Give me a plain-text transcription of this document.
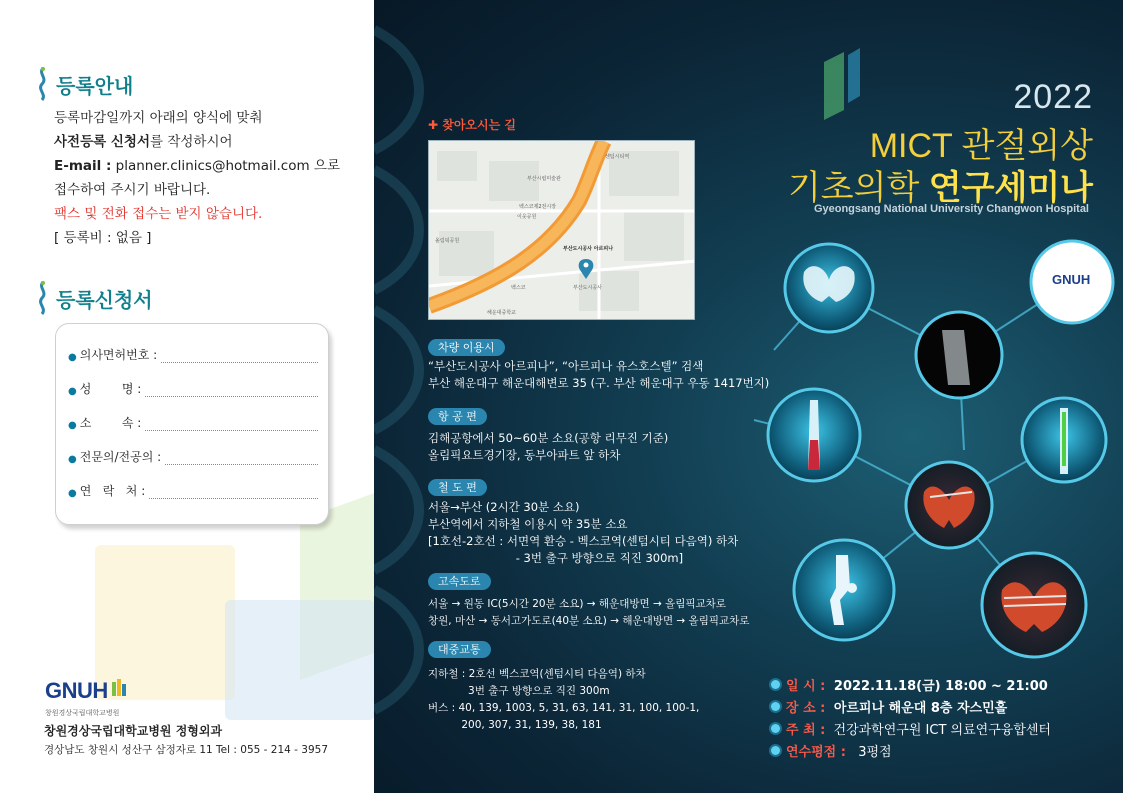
등록안내
등록마감일까지 아래의 양식에 맞춰
사전등록 신청서를 작성하시어
E-mail : planner.clinics@hotmail.com 으로
접수하여 주시기 바랍니다.
팩스 및 전화 접수는 받지 않습니다.
[ 등록비 : 없음 ]
등록신청서
● 의사면허번호 :
● 성        명 :
● 소        속 :
● 전문의/전공의 :
● 연   락   처 :
GNUH
창원경상국립대학교병원
창원경상국립대학교병원 정형외과
경상남도 창원시 성산구 삼정자로 11 Tel : 055 - 214 - 3957
✚ 찾아오시는 길
부산시립미술관
벡스코제2전시장
이웃공원
센텀시티역
부산도시공사 아르피나
해운대중학교
부산도시공사
벡스코
올림픽공원
차량 이용시
“부산도시공사 아르피나”, “아르피나 유스호스텔” 검색
부산 해운대구 해운대해변로 35 (구. 부산 해운대구 우동 1417번지)
항 공 편
김해공항에서 50~60분 소요(공항 리무진 기준)
올림픽요트경기장, 동부아파트 앞 하차
철 도 편
서울→부산 (2시간 30분 소요)
부산역에서 지하철 이용시 약 35분 소요
[1호선-2호선 : 서면역 환승 - 벡스코역(센텀시티 다음역) 하차
- 3번 출구 방향으로 직진 300m]
고속도로
서울 → 원동 IC(5시간 20분 소요) → 해운대방면 → 올림픽교차로
창원, 마산 → 동서고가도로(40분 소요) → 해운대방면 → 올림픽교차로
대중교통
지하철 : 2호선 벡스코역(센텀시티 다음역) 하차
3번 출구 방향으로 직진 300m
버스 : 40, 139, 1003, 5, 31, 63, 141, 31, 100, 100-1,
200, 307, 31, 139, 38, 181
2022
MICT 관절외상
기초의학 연구세미나
Gyeongsang National University Changwon Hospital
GNUH
일 시 : 2022.11.18(금) 18:00 ~ 21:00
장 소 : 아르피나 해운대 8층 자스민홀
주 최 : 건강과학연구원 ICT 의료연구융합센터
연수평점 : 3평점
